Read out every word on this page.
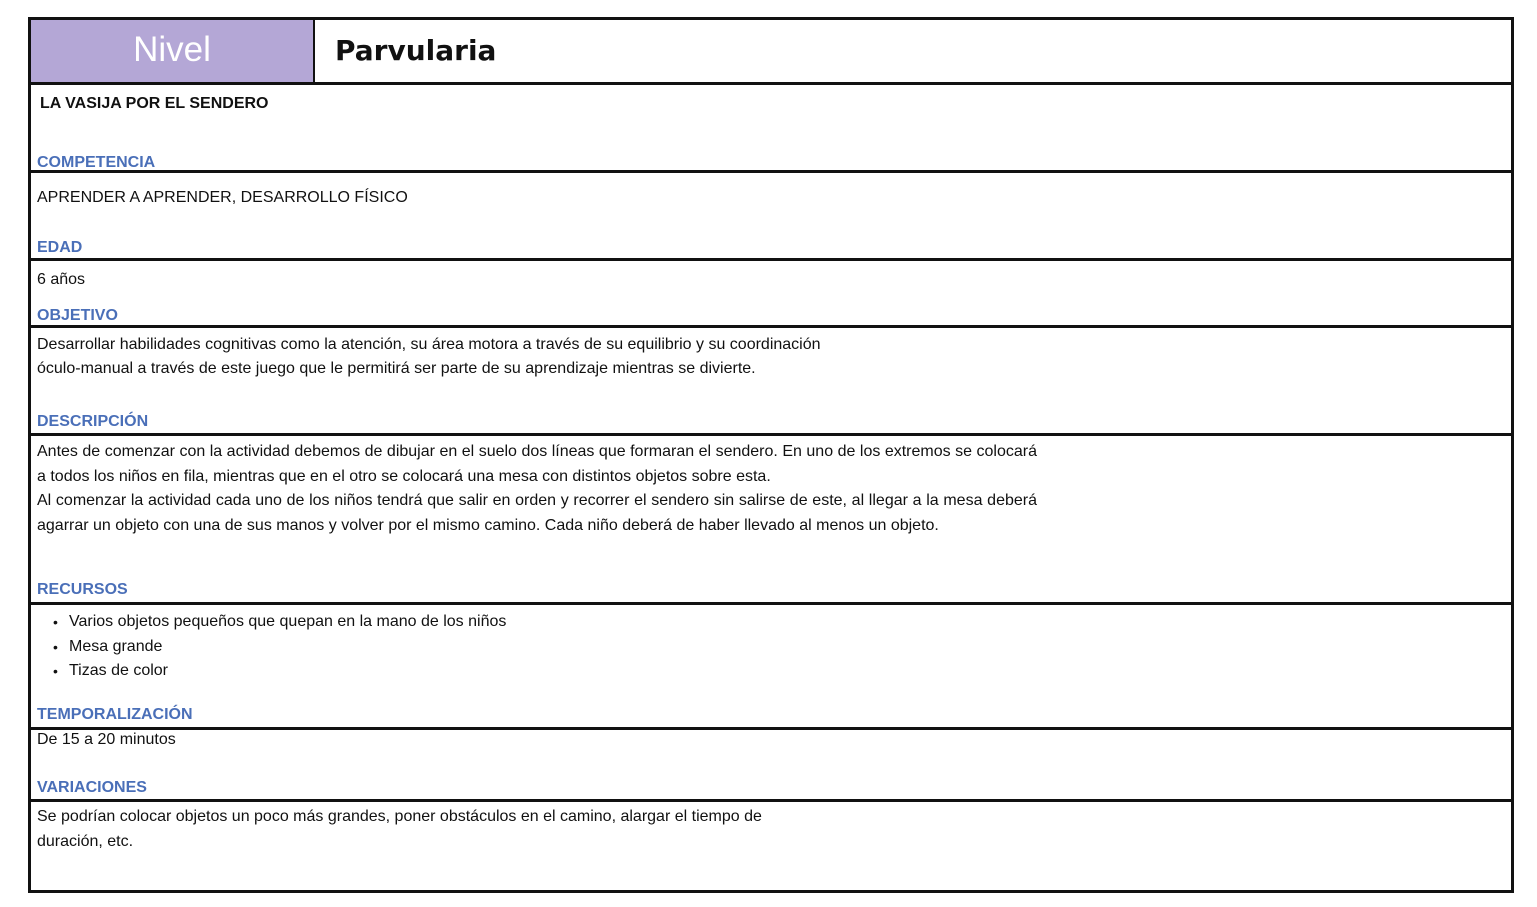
Nivel	Parvularia
LA VASIJA POR EL SENDERO
COMPETENCIA
APRENDER A APRENDER, DESARROLLO FÍSICO
EDAD
6 años
OBJETIVO
Desarrollar habilidades cognitivas como la atención, su área motora a través de su equilibrio y su coordinación
óculo-manual a través de este juego que le permitirá ser parte de su aprendizaje mientras se divierte.
DESCRIPCIÓN
Antes de comenzar con la actividad debemos de dibujar en el suelo dos líneas que formaran el sendero. En uno de los extremos se colocará a todos los niños en fila, mientras que en el otro se colocará una mesa con distintos objetos sobre esta.
Al comenzar la actividad cada uno de los niños tendrá que salir en orden y recorrer el sendero sin salirse de este, al llegar a la mesa deberá agarrar un objeto con una de sus manos y volver por el mismo camino. Cada niño deberá de haber llevado al menos un objeto.
RECURSOS
• Varios objetos pequeños que quepan en la mano de los niños
• Mesa grande
• Tizas de color
TEMPORALIZACIÓN
De 15 a 20 minutos
VARIACIONES
Se podrían colocar objetos un poco más grandes, poner obstáculos en el camino, alargar el tiempo de
duración, etc.
